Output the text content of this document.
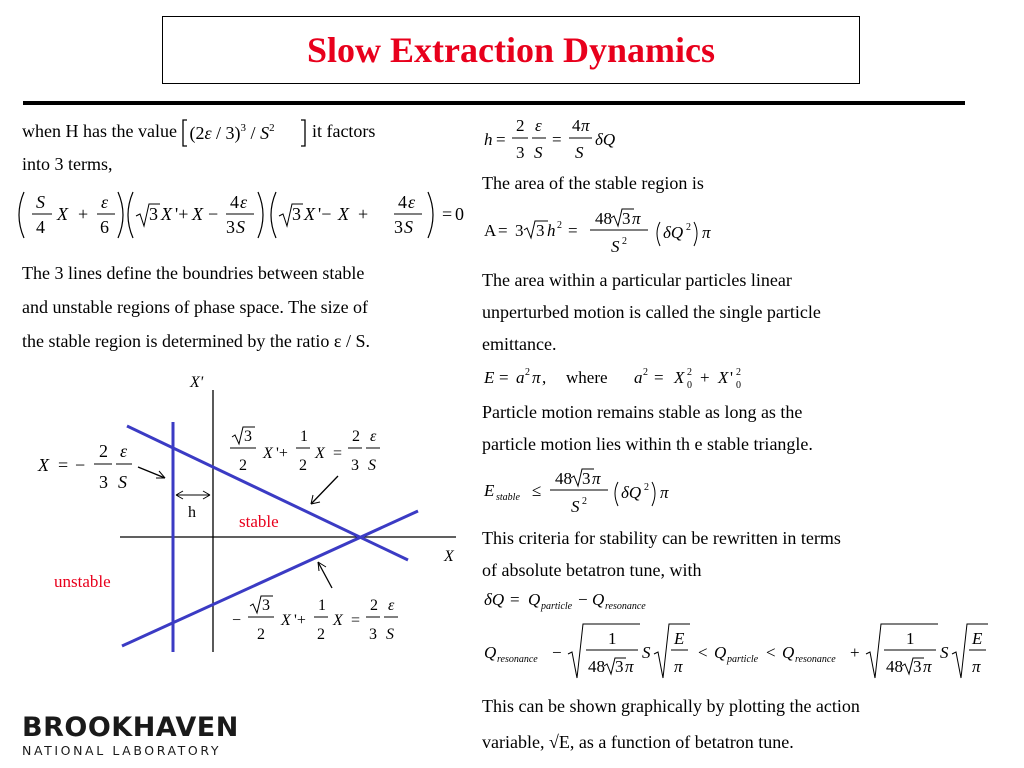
Slow Extraction Dynamics
when H has the value $(2\varepsilon / 3)^3 / S^2$ it factors
into 3 terms,
S
4
X +
ε
6
3 X '+ X −
4 ε
3 S
3 X '− X +
4 ε
3 S
= 0
The 3 lines define the boundries between stable
and unstable regions of phase space. The size of
the stable region is determined by the ratio ε / S.
X = −
2
3
ε
S
3
2
X '+
1
2
X =
2
3
ε
S
−
3
2
X '+
1
2
X =
2
3
ε
S
X'
X
h	stable
unstable
h =
2
3
ε
S
=
4 π
S
δQ
The area of the stable region is
A = 3 3 h 2 =
48 3 π
S 2 δQ 2 π
The area within a particular particles linear
unperturbed motion is called the single particle
emittance.
E = a 2 π , where a 2 = X 2
0 + X ' 2
0
Particle motion remains stable as long as the
particle motion lies within th e stable triangle.
E stable ≤
48 3 π
S 2 δQ 2 π
This criteria for stability can be rewritten in terms
of absolute betatron tune, with
δQ = Q particle − Q resonance
Q resonance −
1
48 3 π
S
E
π
< Q particle < Q resonance +
1
48 3 π
S
E
π
This can be shown graphically by plotting the action
variable, √E, as a function of betatron tune.
BROOKHAVEN
NATIONAL LABORATORY
